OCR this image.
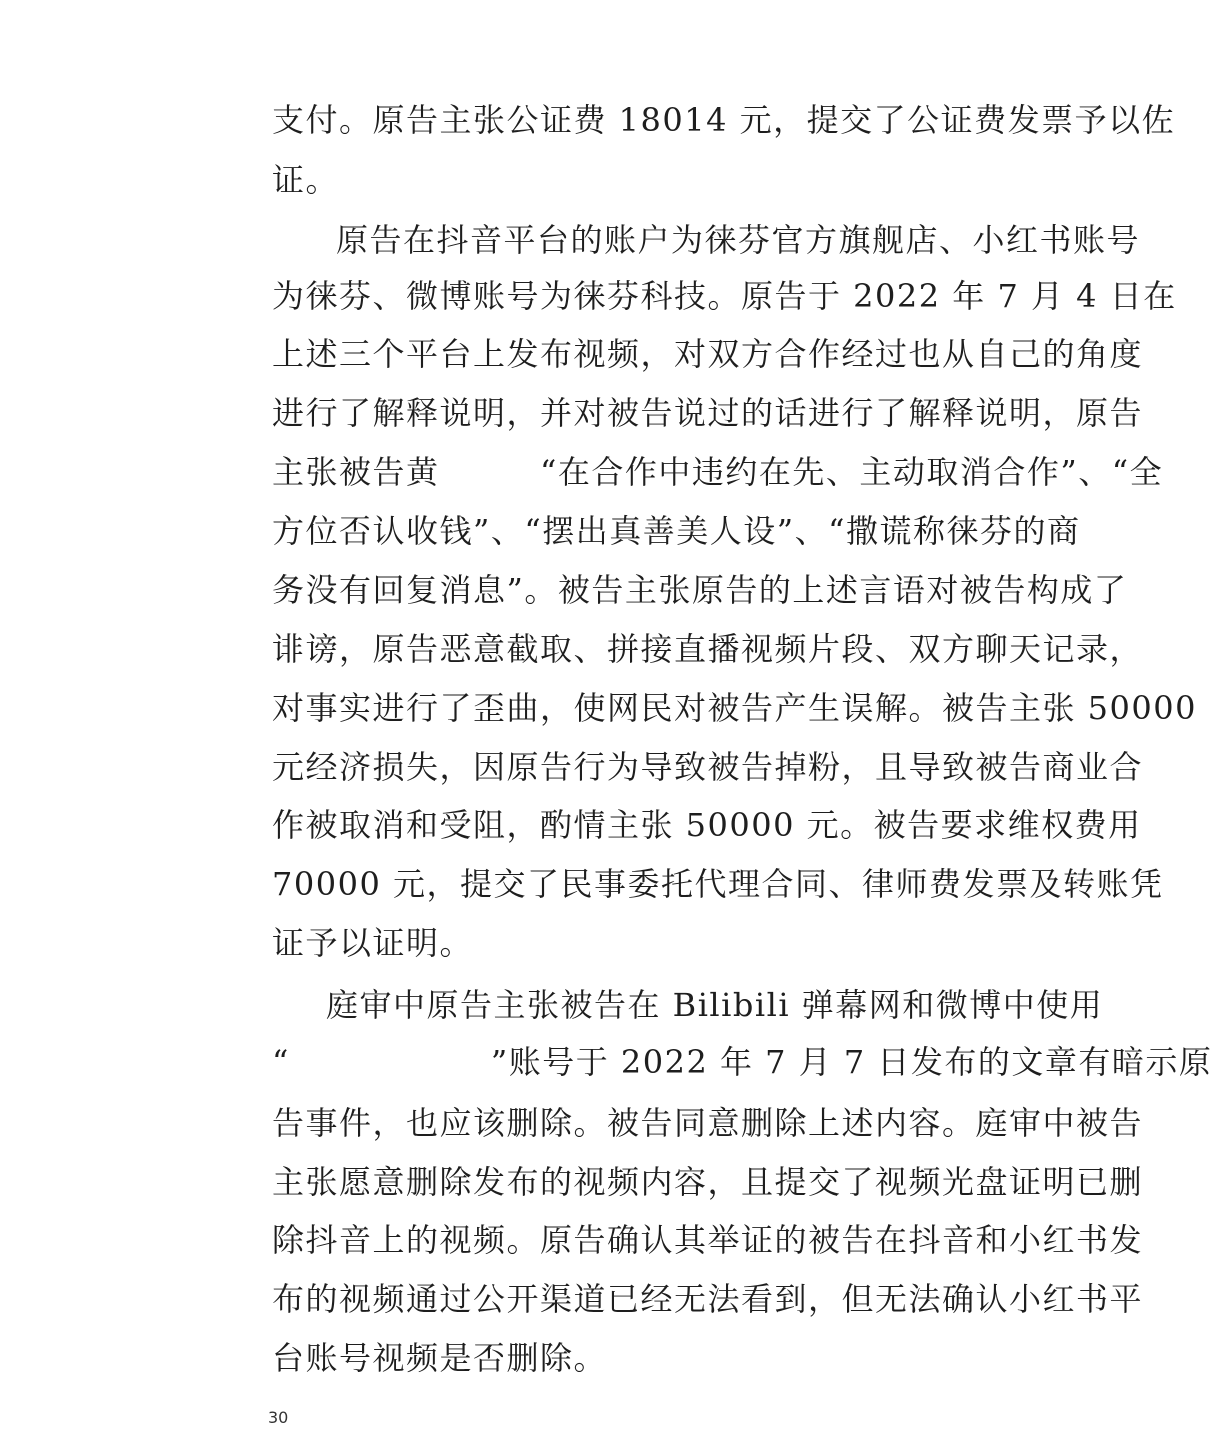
支付。原告主张公证费 18014 元，提交了公证费发票予以佐
证。
原告在抖音平台的账户为徕芬官方旗舰店、小红书账号
为徕芬、微博账号为徕芬科技。原告于 2022 年 7 月 4 日在
上述三个平台上发布视频，对双方合作经过也从自己的角度
进行了解释说明，并对被告说过的话进行了解释说明，原告
主张被告黄　　　“在合作中违约在先、主动取消合作”、“全
方位否认收钱”、“摆出真善美人设”、“撒谎称徕芬的商
务没有回复消息”。被告主张原告的上述言语对被告构成了
诽谤，原告恶意截取、拼接直播视频片段、双方聊天记录，
对事实进行了歪曲，使网民对被告产生误解。被告主张 50000
元经济损失，因原告行为导致被告掉粉，且导致被告商业合
作被取消和受阻，酌情主张 50000 元。被告要求维权费用
70000 元，提交了民事委托代理合同、律师费发票及转账凭
证予以证明。
庭审中原告主张被告在 Bilibili 弹幕网和微博中使用
“　　　　　　”账号于 2022 年 7 月 7 日发布的文章有暗示原
告事件，也应该删除。被告同意删除上述内容。庭审中被告
主张愿意删除发布的视频内容，且提交了视频光盘证明已删
除抖音上的视频。原告确认其举证的被告在抖音和小红书发
布的视频通过公开渠道已经无法看到，但无法确认小红书平
台账号视频是否删除。
30
